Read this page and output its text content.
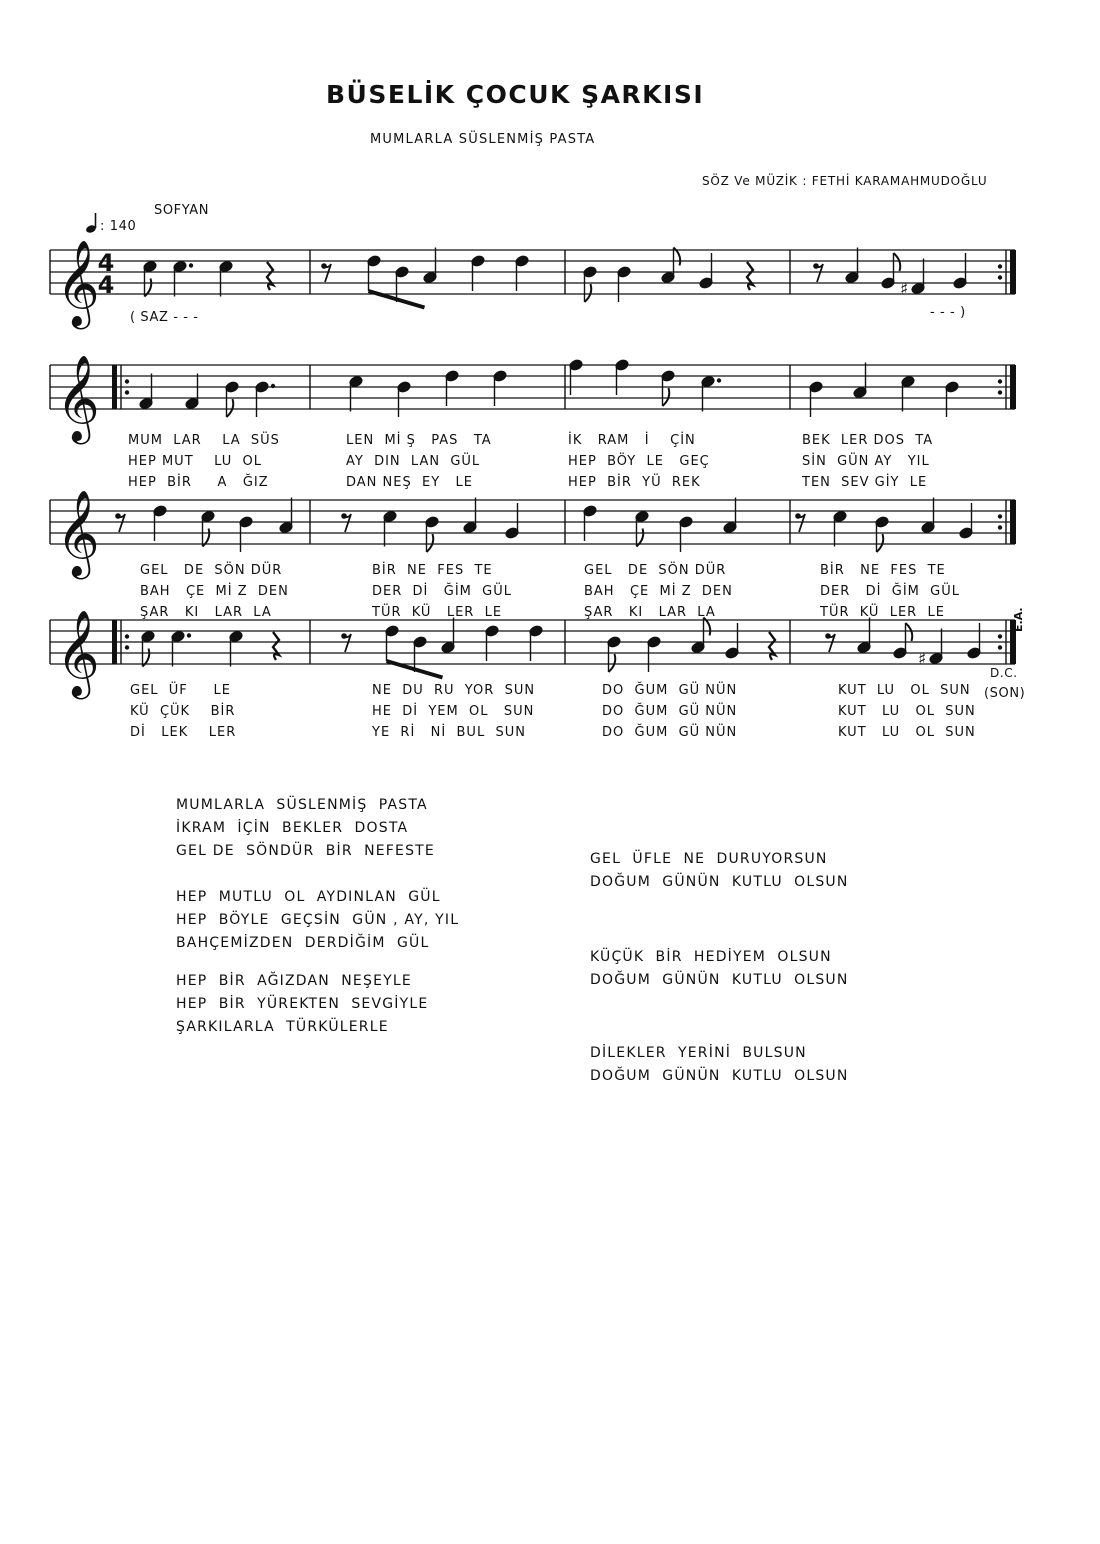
BÜSELİK ÇOCUK ŞARKISI
MUMLARLA SÜSLENMİŞ PASTA
SÖZ Ve MÜZİK : FETHİ KARAMAHMUDOĞLU
SOFYAN
: 140
𝄞
4
4	♯
( SAZ - - -	- - - )
𝄞 MUM  LAR    LA  SÜS	LEN  Mİ Ş   PAS   TA	İK   RAM   İ    ÇİN	BEK  LER DOS  TA
HEP MUT    LU  OL	AY  DIN  LAN  GÜL	HEP  BÖY  LE   GEÇ	SİN  GÜN AY   YIL
HEP  BİR     A   ĞIZ	DAN NEŞ  EY   LE	HEP  BİR  YÜ  REK	TEN  SEV GİY  LE
𝄞	GEL   DE  SÖN DÜR	BİR  NE  FES  TE	GEL   DE  SÖN DÜR	BİR   NE  FES  TE
BAH   ÇE  Mİ Z  DEN	DER  Dİ   ĞİM  GÜL	BAH   ÇE  Mİ Z  DEN	DER   Dİ  ĞİM  GÜL
ŞAR   KI   LAR  LA	TÜR  KÜ   LER  LE	ŞAR   KI   LAR  LA	TÜR  KÜ  LER  LE
𝄞	♯
GEL  ÜF     LE	NE  DU  RU  YOR  SUN	DO  ĞUM  GÜ NÜN	KUT  LU   OL  SUN
KÜ  ÇÜK    BİR	HE  Dİ  YEM  OL   SUN	DO  ĞUM  GÜ NÜN	KUT   LU   OL  SUN
Dİ   LEK    LER	YE  Rİ   Nİ  BUL  SUN	DO  ĞUM  GÜ NÜN	KUT   LU   OL  SUN
E.A.
D.C.
(SON)
MUMLARLA  SÜSLENMİŞ  PASTA
İKRAM  İÇİN  BEKLER  DOSTA
GEL DE  SÖNDÜR  BİR  NEFESTE
HEP  MUTLU  OL  AYDINLAN  GÜL
HEP  BÖYLE  GEÇSİN  GÜN , AY, YIL
BAHÇEMİZDEN  DERDİĞİM  GÜL
HEP  BİR  AĞIZDAN  NEŞEYLE
HEP  BİR  YÜREKTEN  SEVGİYLE
ŞARKILARLA  TÜRKÜLERLE
GEL  ÜFLE  NE  DURUYORSUN
DOĞUM  GÜNÜN  KUTLU  OLSUN
KÜÇÜK  BİR  HEDİYEM  OLSUN
DOĞUM  GÜNÜN  KUTLU  OLSUN
DİLEKLER  YERİNİ  BULSUN
DOĞUM  GÜNÜN  KUTLU  OLSUN
